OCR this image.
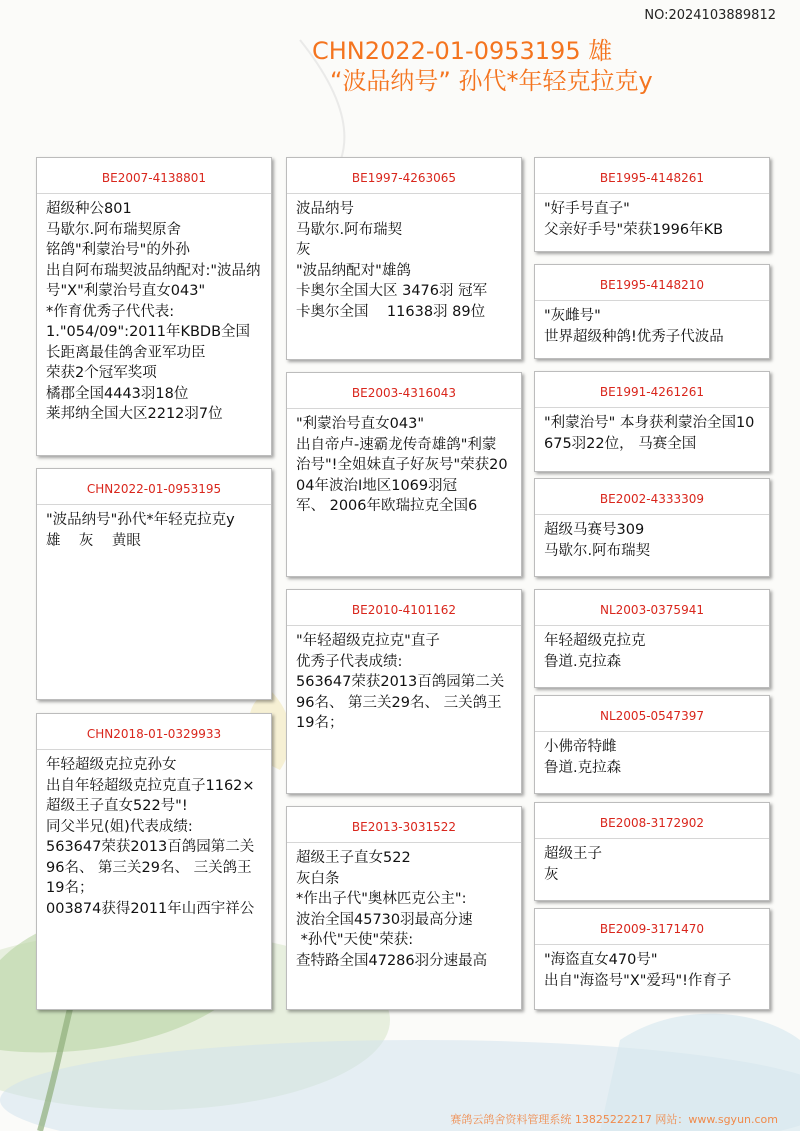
NO:2024103889812
CHN2022-01-0953195 雄
“波品纳号” 孙代*年轻克拉克y
BE2007-4138801
超级种公801
马歇尔.阿布瑞契原舍
铭鸽"利蒙治号"的外孙
出自阿布瑞契波品纳配对:"波品纳号"X"利蒙治号直女043"
*作育优秀子代代表:
1."054/09":2011年KBDB全国长距离最佳鸽舍亚军功臣
荣获2个冠军奖项
橘郡全国4443羽18位
莱邦纳全国大区2212羽7位
CHN2022-01-0953195
"波品纳号"孙代*年轻克拉克y
雄    灰    黄眼
CHN2018-01-0329933
年轻超级克拉克孙女
出自年轻超级克拉克直子1162×超级王子直女522号"!
同父半兄(姐)代表成绩:
563647荣获2013百鸽园第二关
96名、 第三关29名、 三关鸽王
19名；
003874获得2011年山西宇祥公
BE1997-4263065
波品纳号
马歇尔.阿布瑞契
灰
"波品纳配对"雄鸽
卡奥尔全国大区 3476羽 冠军
卡奥尔全国    11638羽 89位
BE2003-4316043
"利蒙治号直女043"
出自帝卢-速霸龙传奇雄鸽"利蒙
治号"!全姐妹直子好灰号"荣获2004年波治I地区1069羽冠
军、 2006年欧瑞拉克全国6
BE2010-4101162
"年轻超级克拉克"直子
优秀子代表成绩:
563647荣获2013百鸽园第二关
96名、 第三关29名、 三关鸽王
19名；
BE2013-3031522
超级王子直女522
灰白条
*作出子代"奥林匹克公主":
波治全国45730羽最高分速
*孙代"天使"荣获:
查特路全国47286羽分速最高
BE1995-4148261
"好手号直子"
父亲好手号"荣获1996年KB
BE1995-4148210
"灰雌号"
世界超级种鸽!优秀子代波品
BE1991-4261261
"利蒙治号" 本身获利蒙治全国10675羽22位， 马赛全国
BE2002-4333309
超级马赛号309
马歇尔.阿布瑞契
NL2003-0375941
年轻超级克拉克
鲁道.克拉森
NL2005-0547397
小佛帝特雌
鲁道.克拉森
BE2008-3172902
超级王子
灰
BE2009-3171470
"海盗直女470号"
出自"海盗号"X"爱玛"!作育子
赛鸽云鸽舍资料管理系统 13825222217 网站：www.sgyun.com
